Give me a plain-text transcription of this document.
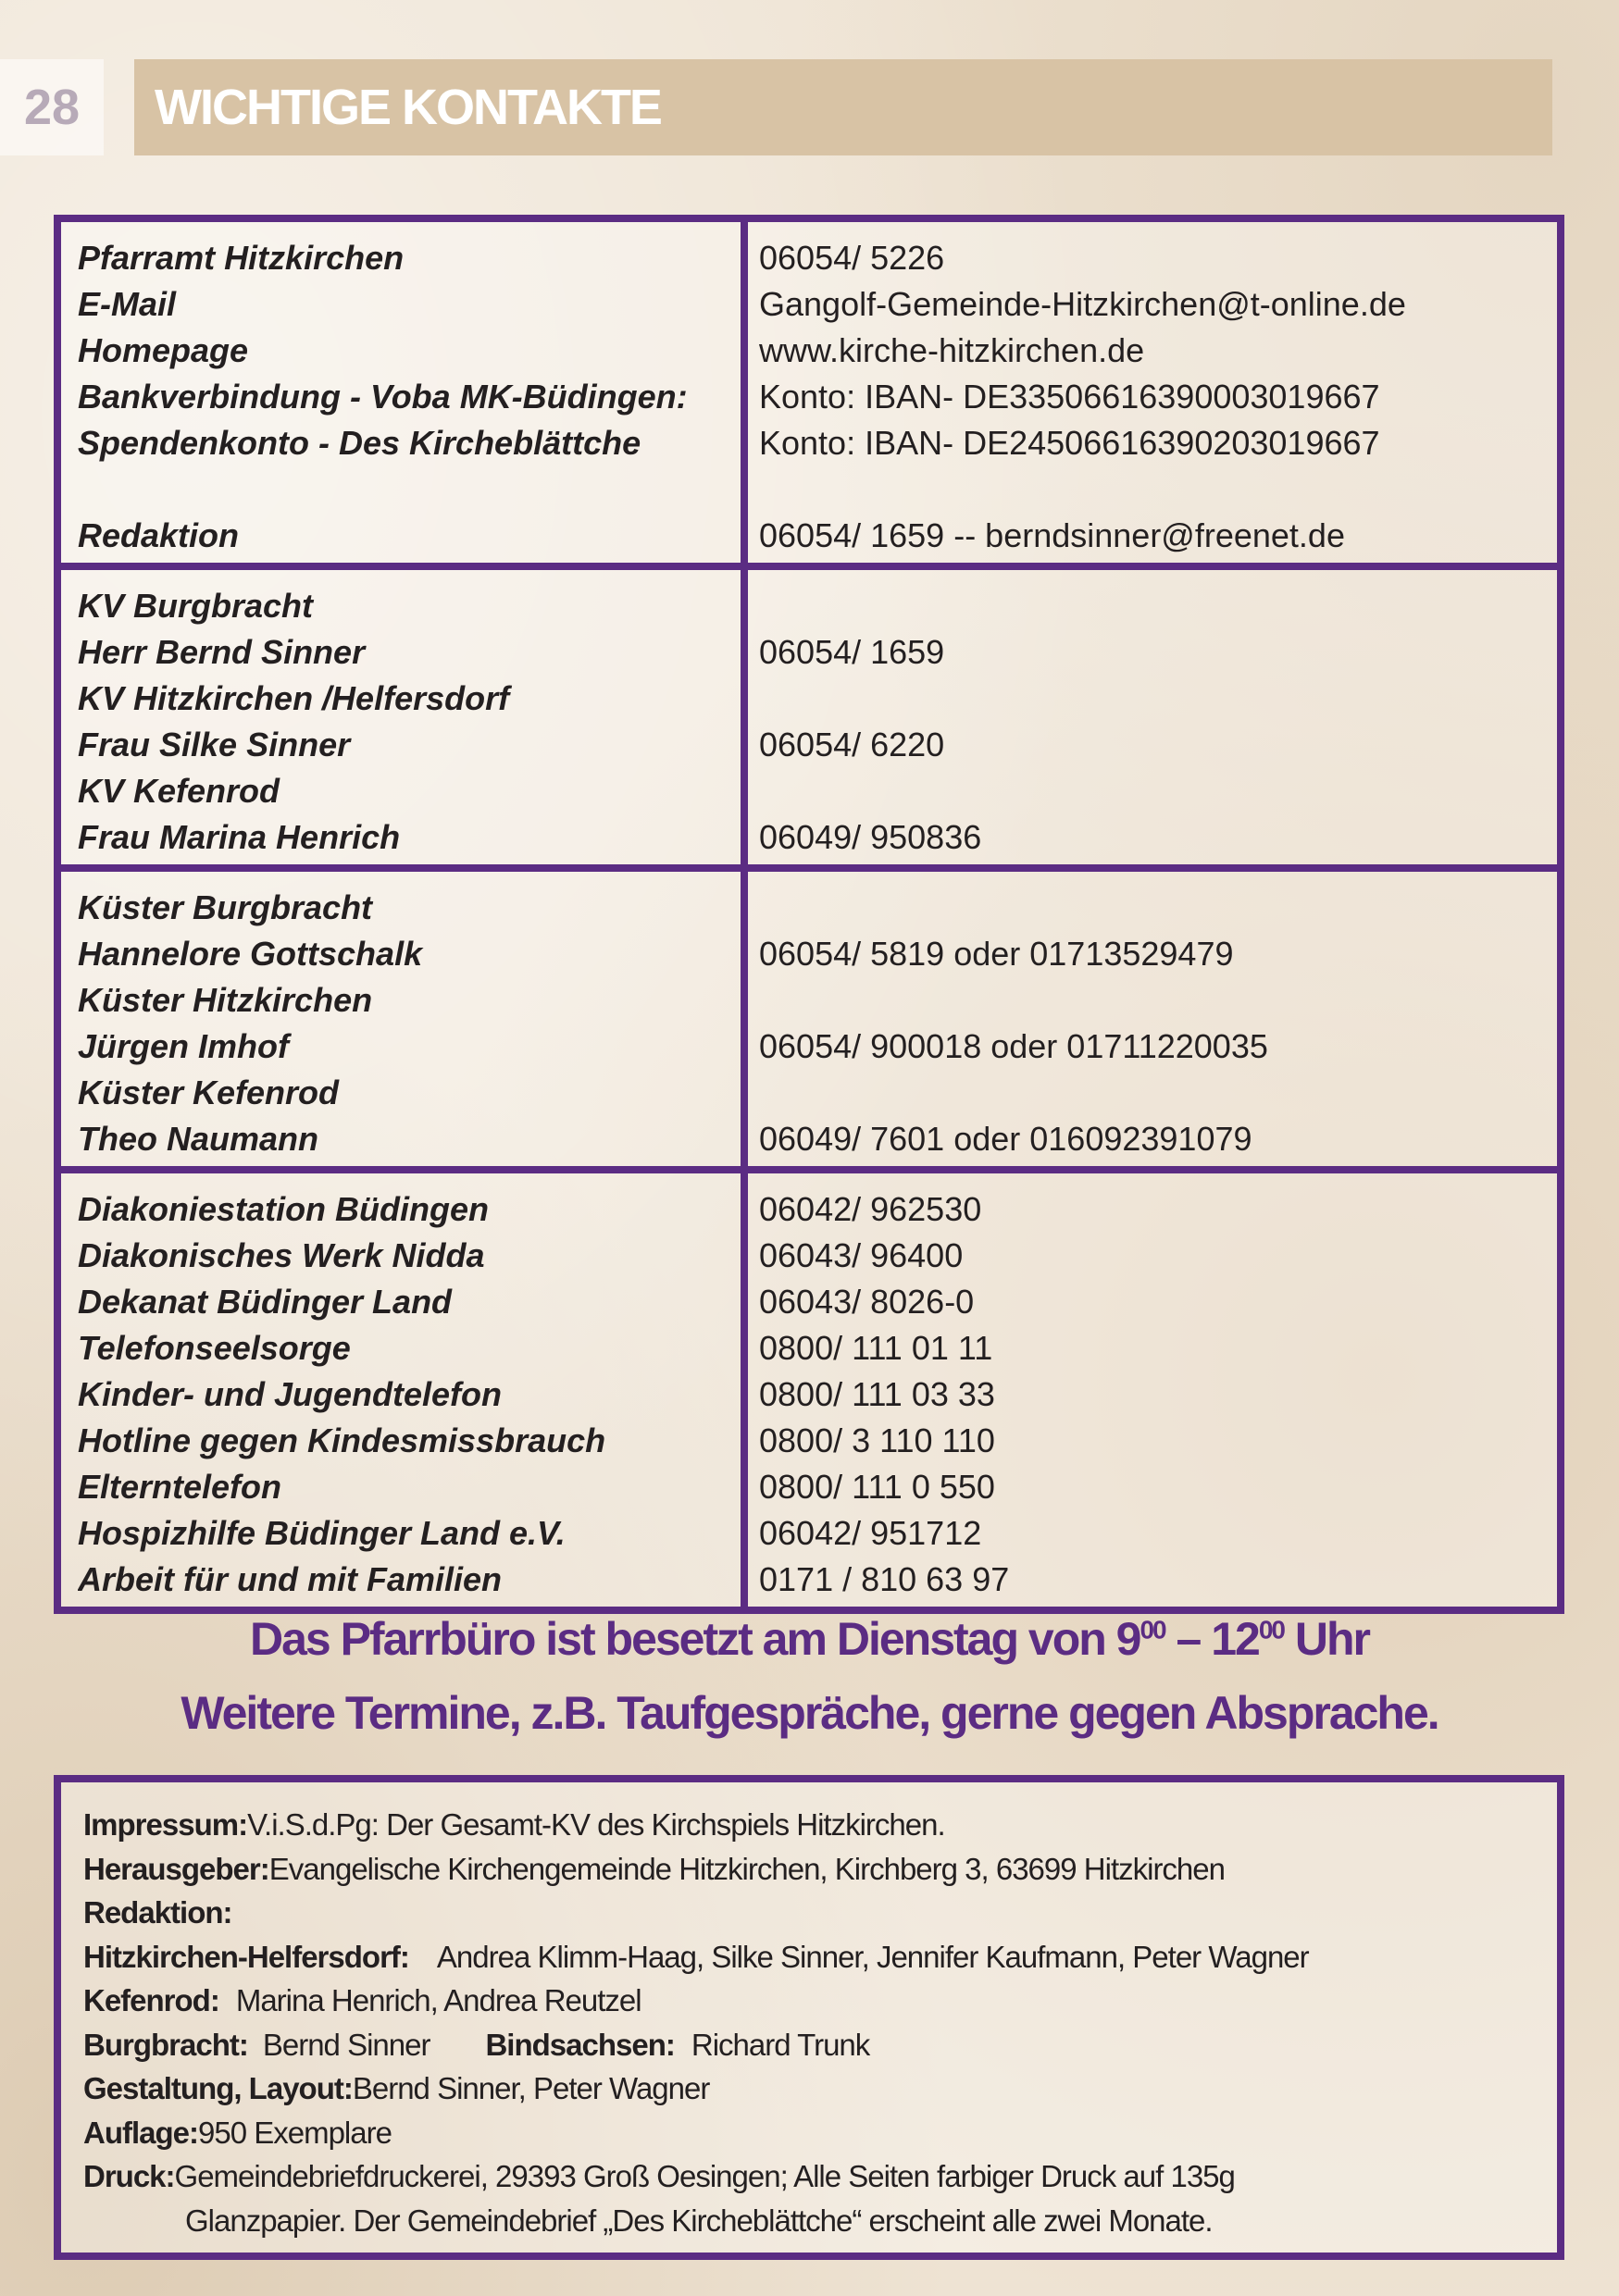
28	WICHTIGE KONTAKTE
Pfarramt Hitzkirchen
E-Mail
Homepage
Bankverbindung - Voba MK-Büdingen:
Spendenkonto - Des Kircheblättche
Redaktion
06054/ 5226
Gangolf-Gemeinde-Hitzkirchen@t-online.de
www.kirche-hitzkirchen.de
Konto: IBAN- DE33506616390003019667
Konto: IBAN- DE24506616390203019667
06054/ 1659 -- berndsinner@freenet.de
KV Burgbracht
Herr Bernd Sinner
KV Hitzkirchen /Helfersdorf
Frau Silke Sinner
KV Kefenrod
Frau Marina Henrich
06054/ 1659
06054/ 6220
06049/ 950836
Küster Burgbracht
Hannelore Gottschalk
Küster Hitzkirchen
Jürgen Imhof
Küster Kefenrod
Theo Naumann
06054/ 5819 oder 01713529479
06054/ 900018 oder 01711220035
06049/ 7601 oder 016092391079
Diakoniestation Büdingen
Diakonisches Werk Nidda
Dekanat Büdinger Land
Telefonseelsorge
Kinder- und Jugendtelefon
Hotline gegen Kindesmissbrauch
Elterntelefon
Hospizhilfe Büdinger Land e.V.
Arbeit für und mit Familien
06042/ 962530
06043/ 96400
06043/ 8026-0
0800/ 111 01 11
0800/ 111 03 33
0800/ 3 110 110
0800/ 111 0 550
06042/ 951712
0171 / 810 63 97
Das Pfarrbüro ist besetzt am Dienstag von $9^{00} - 12^{00}$ Uhr
Weitere Termine, z.B. Taufgespräche, gerne gegen Absprache.
Impressum:V.i.S.d.Pg: Der Gesamt-KV des Kirchspiels Hitzkirchen.
Herausgeber:Evangelische Kirchengemeinde Hitzkirchen, Kirchberg 3, 63699 Hitzkirchen
Redaktion:
Hitzkirchen-Helfersdorf: Andrea Klimm-Haag, Silke Sinner, Jennifer Kaufmann, Peter Wagner
Kefenrod: Marina Henrich, Andrea Reutzel
Burgbracht: Bernd Sinner Bindsachsen: Richard Trunk
Gestaltung, Layout:Bernd Sinner, Peter Wagner
Auflage:950 Exemplare
Druck:Gemeindebriefdruckerei, 29393 Groß Oesingen; Alle Seiten farbiger Druck auf 135g
Glanzpapier. Der Gemeindebrief „Des Kircheblättche“ erscheint alle zwei Monate.
